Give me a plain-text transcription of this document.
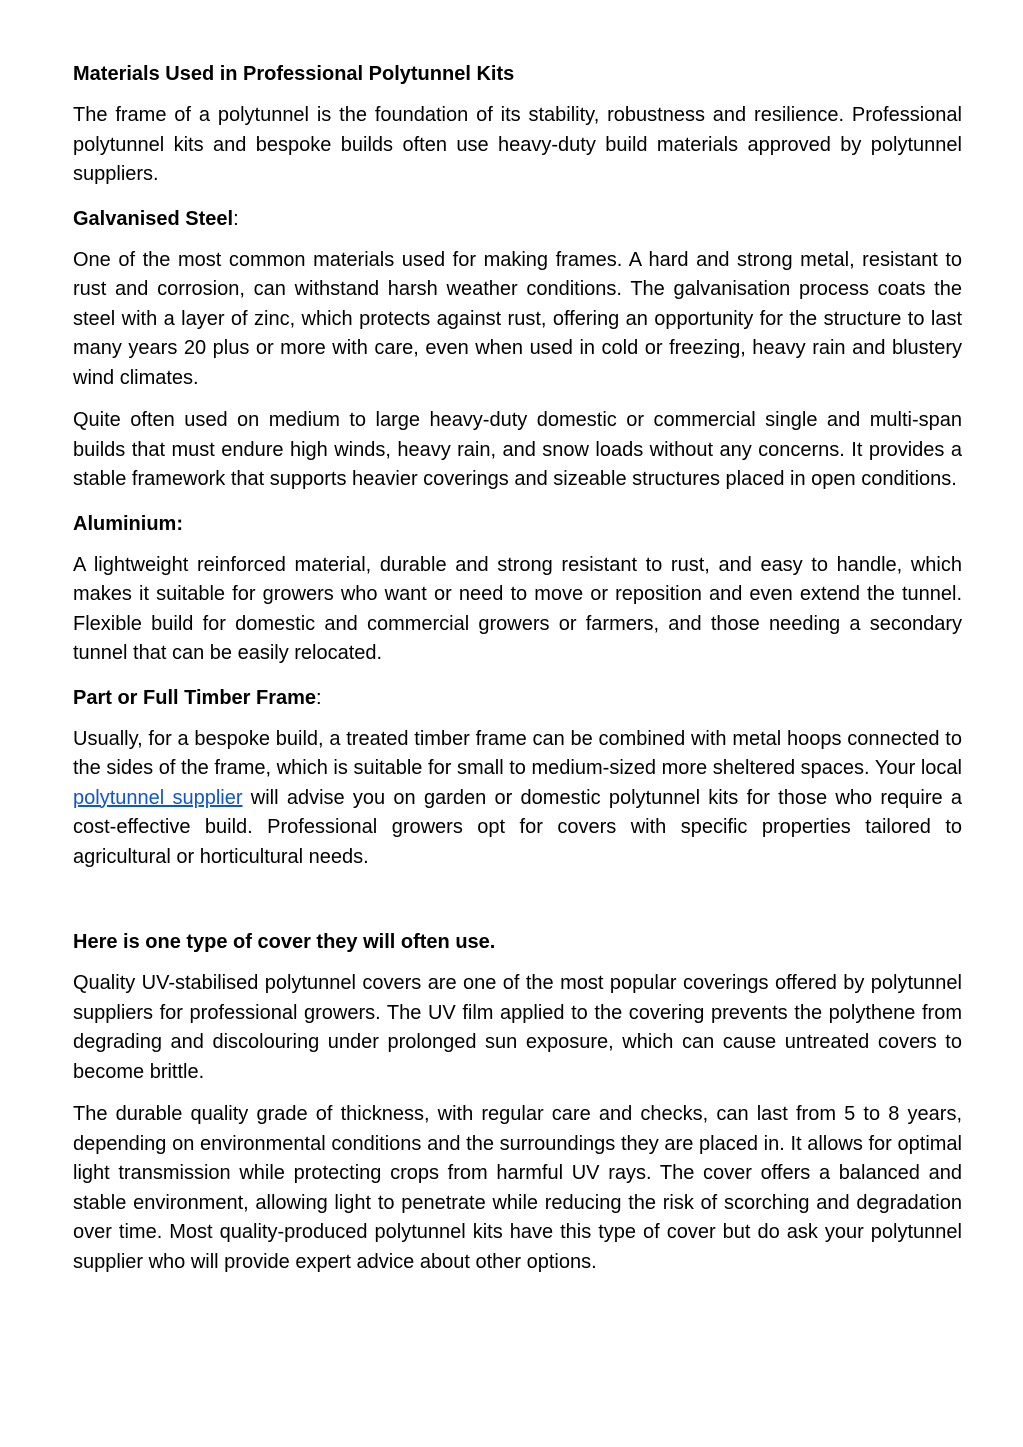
Materials Used in Professional Polytunnel Kits
The frame of a polytunnel is the foundation of its stability, robustness and resilience. Professional polytunnel kits and bespoke builds often use heavy-duty build materials approved by polytunnel suppliers.
Galvanised Steel:
One of the most common materials used for making frames. A hard and strong metal, resistant to rust and corrosion, can withstand harsh weather conditions. The galvanisation process coats the steel with a layer of zinc, which protects against rust, offering an opportunity for the structure to last many years 20 plus or more with care, even when used in cold or freezing, heavy rain and blustery wind climates.
Quite often used on medium to large heavy-duty domestic or commercial single and multi-span builds that must endure high winds, heavy rain, and snow loads without any concerns. It provides a stable framework that supports heavier coverings and sizeable structures placed in open conditions.
Aluminium:
A lightweight reinforced material, durable and strong resistant to rust, and easy to handle, which makes it suitable for growers who want or need to move or reposition and even extend the tunnel. Flexible build for domestic and commercial growers or farmers, and those needing a secondary tunnel that can be easily relocated.
Part or Full Timber Frame:
Usually, for a bespoke build, a treated timber frame can be combined with metal hoops connected to the sides of the frame, which is suitable for small to medium-sized more sheltered spaces. Your local polytunnel supplier will advise you on garden or domestic polytunnel kits for those who require a cost-effective build. Professional growers opt for covers with specific properties tailored to agricultural or horticultural needs.
Here is one type of cover they will often use.
Quality UV-stabilised polytunnel covers are one of the most popular coverings offered by polytunnel suppliers for professional growers. The UV film applied to the covering prevents the polythene from degrading and discolouring under prolonged sun exposure, which can cause untreated covers to become brittle.
The durable quality grade of thickness, with regular care and checks, can last from 5 to 8 years, depending on environmental conditions and the surroundings they are placed in. It allows for optimal light transmission while protecting crops from harmful UV rays. The cover offers a balanced and stable environment, allowing light to penetrate while reducing the risk of scorching and degradation over time. Most quality-produced polytunnel kits have this type of cover but do ask your polytunnel supplier who will provide expert advice about other options.
